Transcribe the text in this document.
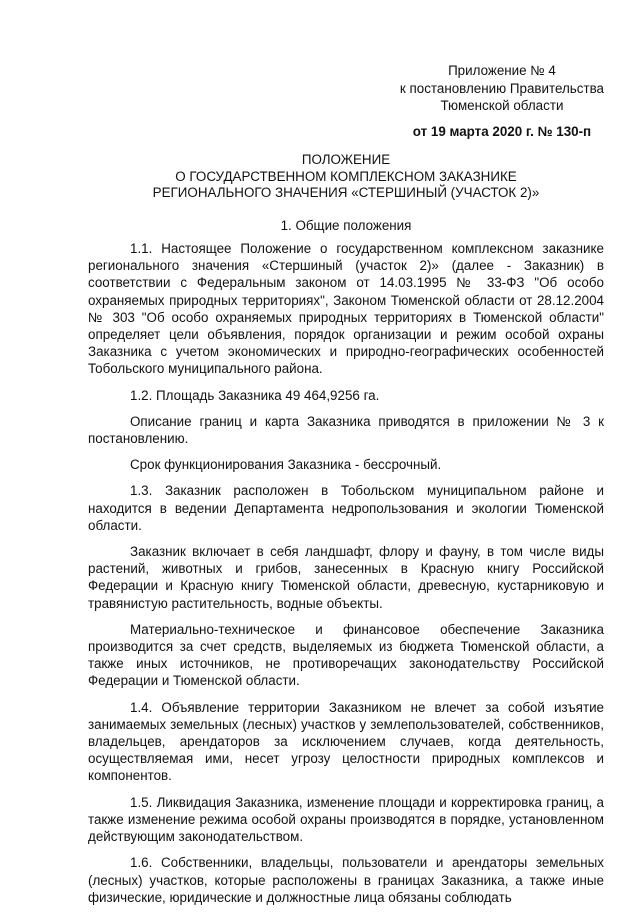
Приложение № 4
к постановлению Правительства
Тюменской области
от 19 марта 2020 г. № 130-п
ПОЛОЖЕНИЕ
О ГОСУДАРСТВЕННОМ КОМПЛЕКСНОМ ЗАКАЗНИКЕ
РЕГИОНАЛЬНОГО ЗНАЧЕНИЯ «СТЕРШИНЫЙ (УЧАСТОК 2)»
1. Общие положения

1.1. Настоящее Положение о государственном комплексном заказнике регионального значения «Стершиный (участок 2)» (далее - Заказник) в соответствии с Федеральным законом от 14.03.1995 № 33-ФЗ "Об особо охраняемых природных территориях", Законом Тюменской области от 28.12.2004 № 303 "Об особо охраняемых природных территориях в Тюменской области" определяет цели объявления, порядок организации и режим особой охраны Заказника с учетом экономических и природно-географических особенностей Тобольского муниципального района.

1.2. Площадь Заказника 49 464,9256 га.

Описание границ и карта Заказника приводятся в приложении № 3 к постановлению.

Срок функционирования Заказника - бессрочный.

1.3. Заказник расположен в Тобольском муниципальном районе и находится в ведении Департамента недропользования и экологии Тюменской области.

Заказник включает в себя ландшафт, флору и фауну, в том числе виды растений, животных и грибов, занесенных в Красную книгу Российской Федерации и Красную книгу Тюменской области, древесную, кустарниковую и травянистую растительность, водные объекты.

Материально-техническое и финансовое обеспечение Заказника производится за счет средств, выделяемых из бюджета Тюменской области, а также иных источников, не противоречащих законодательству Российской Федерации и Тюменской области.

1.4. Объявление территории Заказником не влечет за собой изъятие занимаемых земельных (лесных) участков у землепользователей, собственников, владельцев, арендаторов за исключением случаев, когда деятельность, осуществляемая ими, несет угрозу целостности природных комплексов и компонентов.

1.5. Ликвидация Заказника, изменение площади и корректировка границ, а также изменение режима особой охраны производятся в порядке, установленном действующим законодательством.

1.6. Собственники, владельцы, пользователи и арендаторы земельных (лесных) участков, которые расположены в границах Заказника, а также иные физические, юридические и должностные лица обязаны соблюдать
